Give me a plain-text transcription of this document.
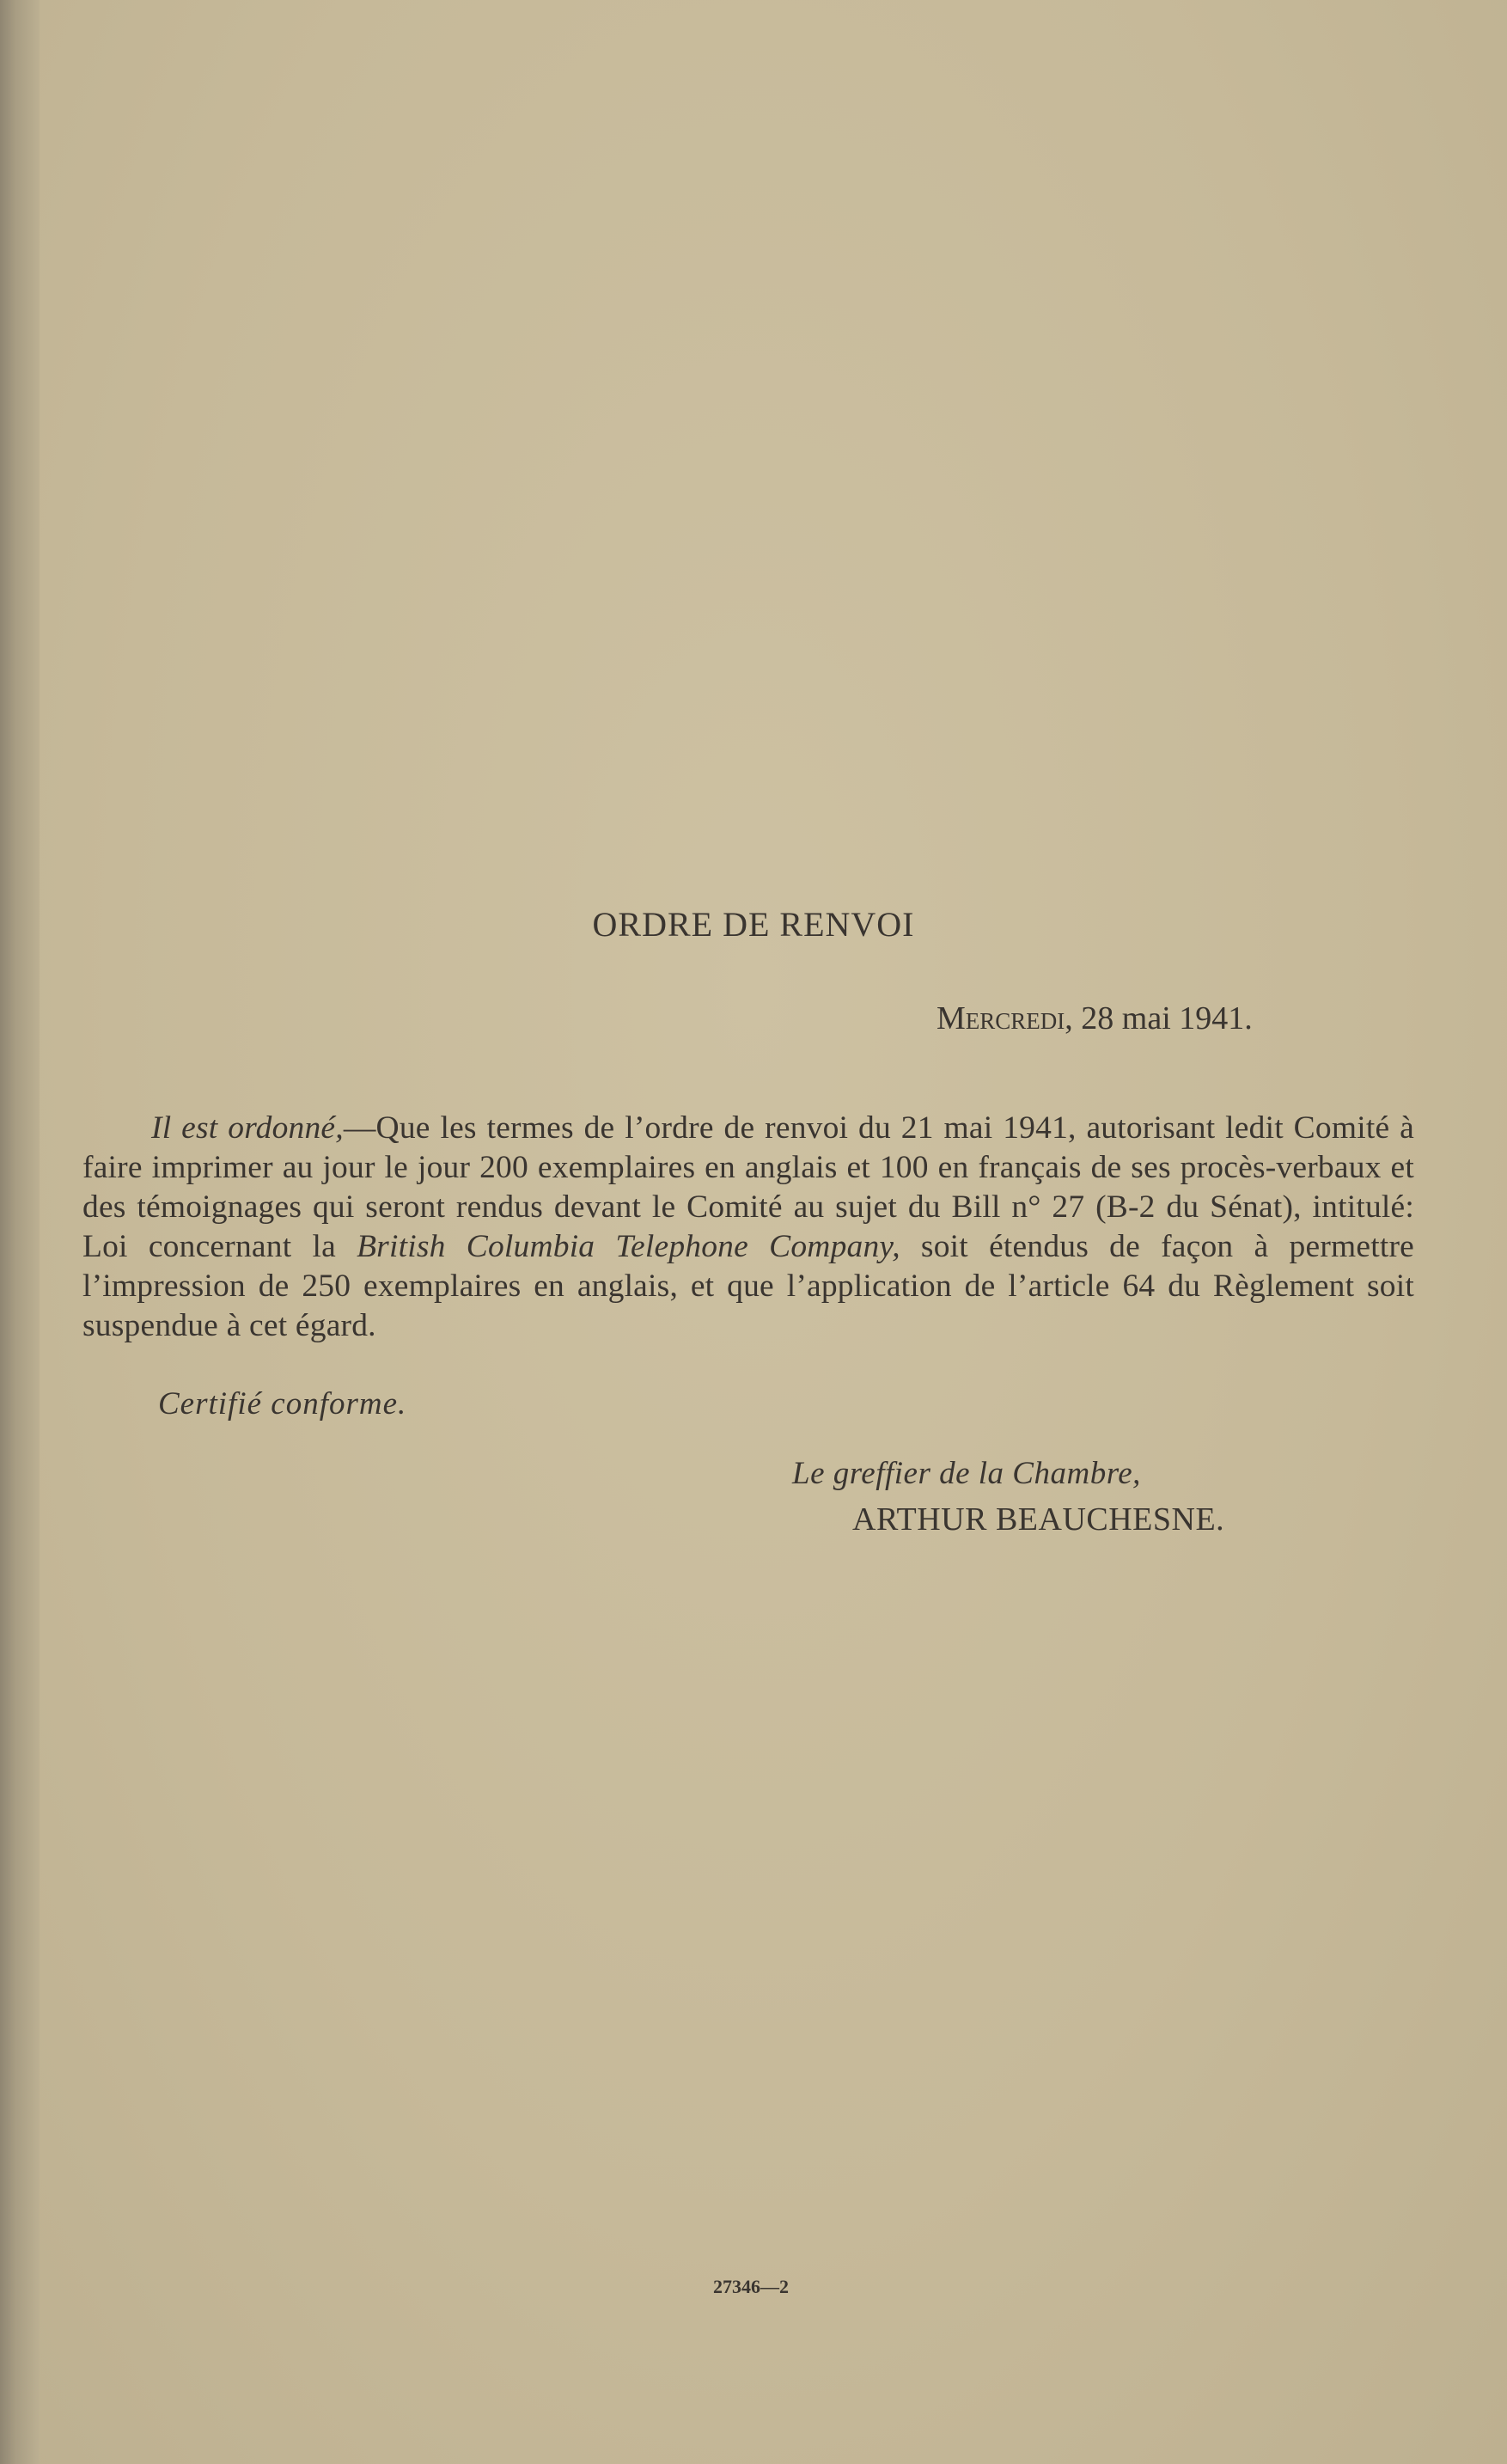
ORDRE DE RENVOI
Mercredi, 28 mai 1941.

Il est ordonné,—Que les termes de l’ordre de renvoi du 21 mai 1941, autorisant ledit Comité à faire imprimer au jour le jour 200 exemplaires en anglais et 100 en français de ses procès-verbaux et des témoignages qui seront rendus devant le Comité au sujet du Bill n° 27 (B-2 du Sénat), intitulé: Loi concernant la British Columbia Telephone Company, soit étendus de façon à permettre l’impression de 250 exemplaires en anglais, et que l’application de l’article 64 du Règlement soit suspendue à cet égard.

Certifié conforme.
Le greffier de la Chambre,
ARTHUR BEAUCHESNE.
27346—2
